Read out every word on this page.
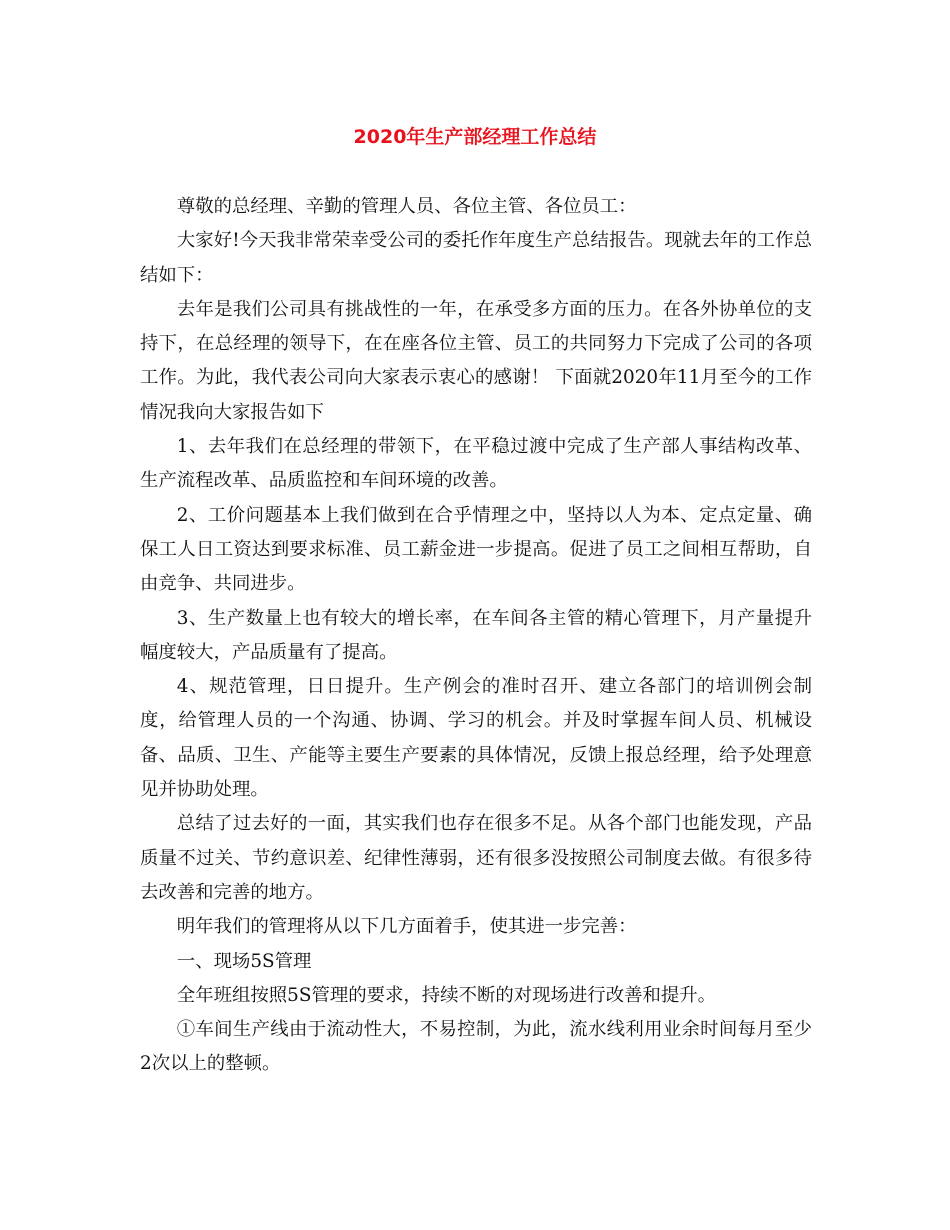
2020年生产部经理工作总结

尊敬的总经理、辛勤的管理人员、各位主管、各位员工：

大家好!今天我非常荣幸受公司的委托作年度生产总结报告。现就去年的工作总结如下：

去年是我们公司具有挑战性的一年，在承受多方面的压力。在各外协单位的支持下，在总经理的领导下，在在座各位主管、员工的共同努力下完成了公司的各项工作。为此，我代表公司向大家表示衷心的感谢！ 下面就2020年11月至今的工作情况我向大家报告如下

1、去年我们在总经理的带领下，在平稳过渡中完成了生产部人事结构改革、生产流程改革、品质监控和车间环境的改善。

2、工价问题基本上我们做到在合乎情理之中，坚持以人为本、定点定量、确保工人日工资达到要求标准、员工薪金进一步提高。促进了员工之间相互帮助，自由竞争、共同进步。

3、生产数量上也有较大的增长率，在车间各主管的精心管理下，月产量提升幅度较大，产品质量有了提高。

4、规范管理，日日提升。生产例会的准时召开、建立各部门的培训例会制度，给管理人员的一个沟通、协调、学习的机会。并及时掌握车间人员、机械设备、品质、卫生、产能等主要生产要素的具体情况，反馈上报总经理，给予处理意见并协助处理。

总结了过去好的一面，其实我们也存在很多不足。从各个部门也能发现，产品质量不过关、节约意识差、纪律性薄弱，还有很多没按照公司制度去做。有很多待去改善和完善的地方。

明年我们的管理将从以下几方面着手，使其进一步完善：

一、现场5S管理

全年班组按照5S管理的要求，持续不断的对现场进行改善和提升。

①车间生产线由于流动性大，不易控制，为此，流水线利用业余时间每月至少2次以上的整顿。
